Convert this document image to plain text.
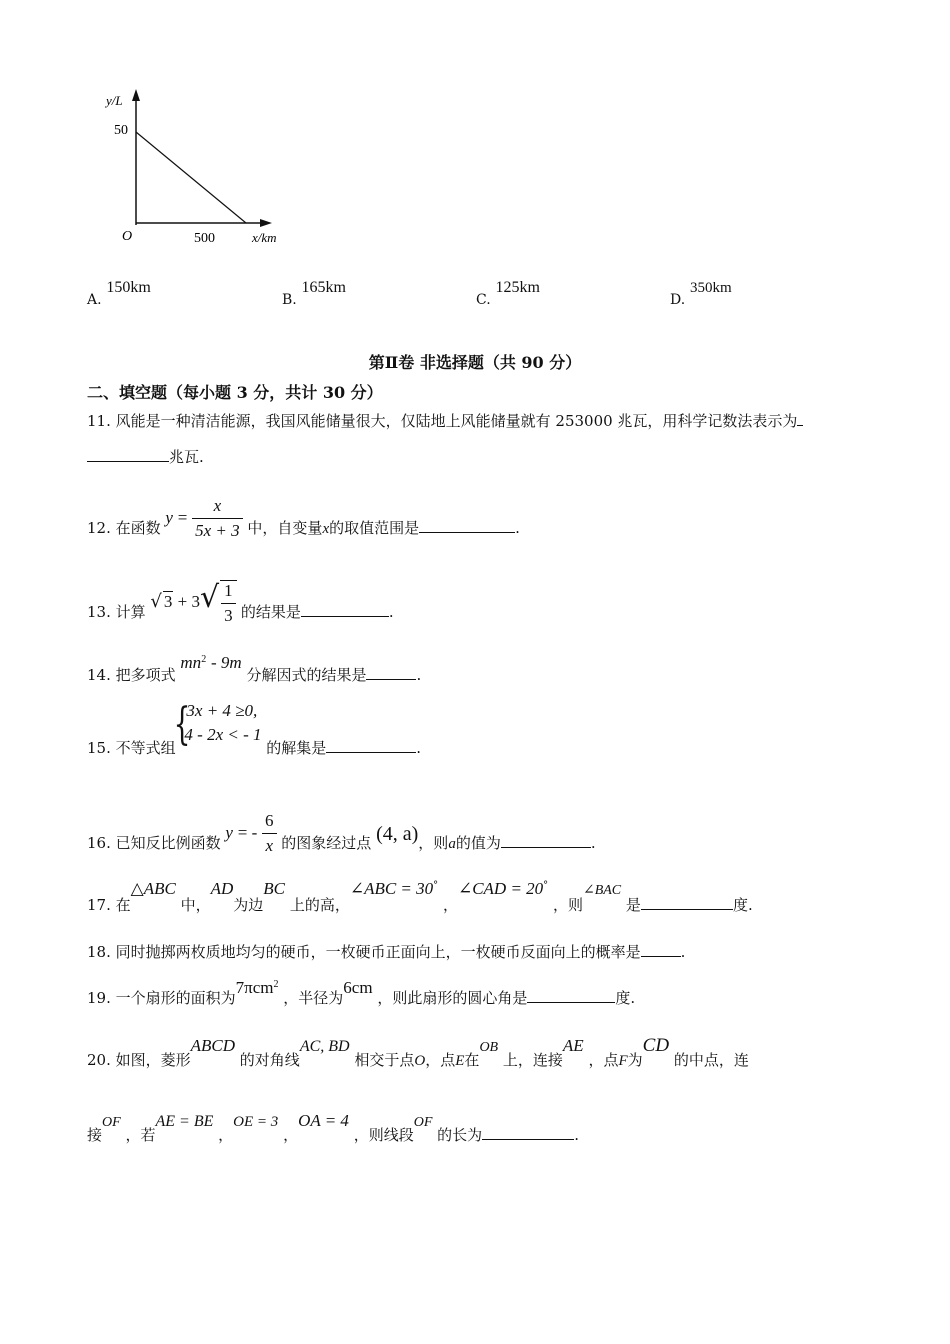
y/L
50
O	500	x/km
A. 150km
B. 165km
C. 125km
D. 350km
第Ⅱ卷 非选择题（共 90 分）
二、填空题（每小题 3 分，共计 30 分）
11. 风能是一种清洁能源，我国风能储量很大，仅陆地上风能储量就有 253000 兆瓦，用科学记数法表示为
兆瓦.
12. 在函数 $y = \frac{x}{5x + 3}$ 中，自变量x的取值范围是	.
13. 计算 √ $3 + 3√ \frac{1}{3}$ 的结果是	.
14. 把多项式 $mn^2 - 9m$ 分解因式的结果是	.
15. 不等式组
{
3x + 4 ≥0,
4 - 2x < - 1
的解集是	.
16. 已知反比例函数 y = - $\frac{6}{x}$ 的图象经过点 (4, a)，则a的值为	.
17. 在△ABC 中，AD为边BC 上的高，∠ABC = 30° ，∠CAD = 20° ，则∠BAC 是	度.
18. 同时抛掷两枚质地均匀的硬币，一枚硬币正面向上，一枚硬币反面向上的概率是	.
19. 一个扇形的面积为7πcm$^2$ ，半径为6cm ，则此扇形的圆心角是	度.
20. 如图，菱形ABCD 的对角线AC, BD 相交于点O，点E在OB 上，连接AE ，点F为CD 的中点，连
接OF ，若AE = BE ，OE = 3 ，OA = 4 ，则线段OF 的长为	.
